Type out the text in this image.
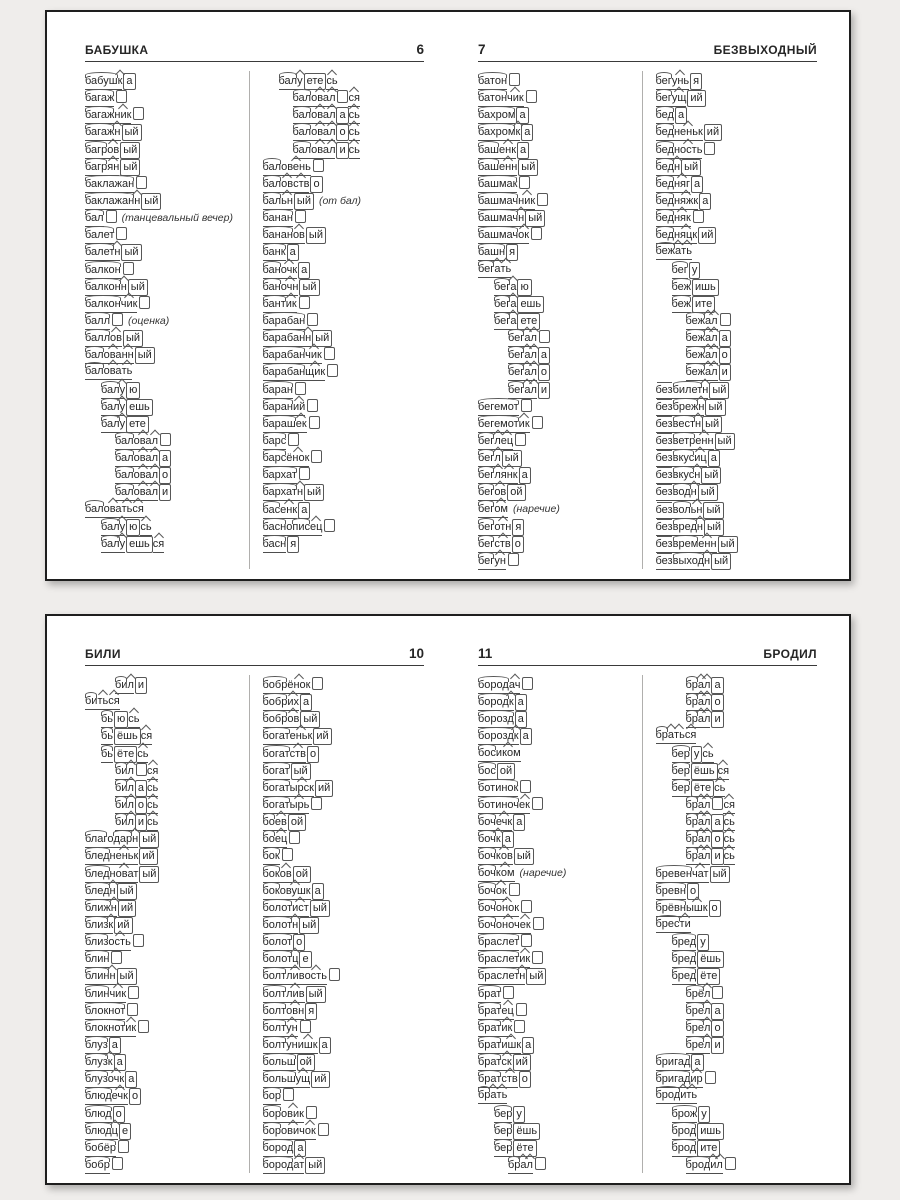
БАБУШКА	6
бабушк а
багаж
багажник
багажн ый
багров ый
багрян ый
баклажан
баклажанн ый
бал (танцевальный вечер)
балет
балетн ый
балкон
балконн ый
балкончик
балл (оценка)
баллов ый
балованн ый
баловать
балу ю
балу ешь
балу ете
баловал
баловал а
баловал о
баловал и
баловаться
балу ю сь
балу ешь ся
балу ете сь
баловал ся
баловал а сь
баловал о сь
баловал и сь
баловень
баловств о
бальн ый (от бал)
банан
бананов ый
банк а
баночк а
баночн ый
бантик
барабан
барабанн ый
барабанчик
барабанщик
баран
бараний
барашек
барс
барсёнок
бархат
бархатн ый
басенк а
баснописец
басн я
7	БЕЗВЫХОДНЫЙ
батон
батончик
бахром а
бахромк а
башенк а
башенн ый
башмак
башмачник
башмачн ый
башмачок
башн я
бегать
бега ю
бега ешь
бега ете
бегал
бегал а
бегал о
бегал и
бегемот
бегемотик
беглец
бегл ый
беглянк а
бегов ой
бегом (наречие)
беготн я
бегств о
бегун
бегунь я
бегущ ий
бед а
бедненьк ий
бедность
бедн ый
бедняг а
бедняжк а
бедняк
бедняцк ий
бежать
бег у
беж ишь
беж ите
бежал
бежал а
бежал о
бежал и
безбилетн ый
безбрежн ый
безвестн ый
безветренн ый
безвкусиц а
безвкусн ый
безводн ый
безвольн ый
безвредн ый
безвременн ый
безвыходн ый
БИЛИ	10
бил и
биться
бь ю сь
бь ёшь ся
бь ёте сь
бил ся
бил а сь
бил о сь
бил и сь
благодарн ый
бледненьк ий
бледноват ый
бледн ый
ближн ий
близк ий
близость
блин
блинн ый
блинчик
блокнот
блокнотик
блуз а
блузк а
блузочк а
блюдечк о
блюд о
блюдц е
бобёр
бобр
бобрёнок
бобрих а
бобров ый
богатеньк ий
богатств о
богат ый
богатырск ий
богатырь
боев ой
боец
бок
боков ой
боковушк а
болотист ый
болотн ый
болот о
болотц е
болтливость
болтлив ый
болтовн я
болтун
болтунишк а
больш ой
большущ ий
бор
боровик
боровичок
бород а
бородат ый
11	БРОДИЛ
бородач
бородк а
борозд а
бороздк а
босиком
бос ой
ботинок
ботиночек
бочечк а
бочк а
бочков ый
бочком (наречие)
бочок
бочонок
бочоночек
браслет
браслетик
браслетн ый
брат
братец
братик
братишк а
братск ий
братств о
брать
бер у
бер ёшь
бер ёте
брал
брал а
брал о
брал и
браться
бер у сь
бер ёшь ся
бер ёте сь
брал ся
брал а сь
брал о сь
брал и сь
бревенчат ый
бревн о
брёвнышк о
брести
бред у
бред ёшь
бред ёте
брёл
брел а
брел о
брел и
бригад а
бригадир
бродить
брож у
брод ишь
брод ите
бродил
